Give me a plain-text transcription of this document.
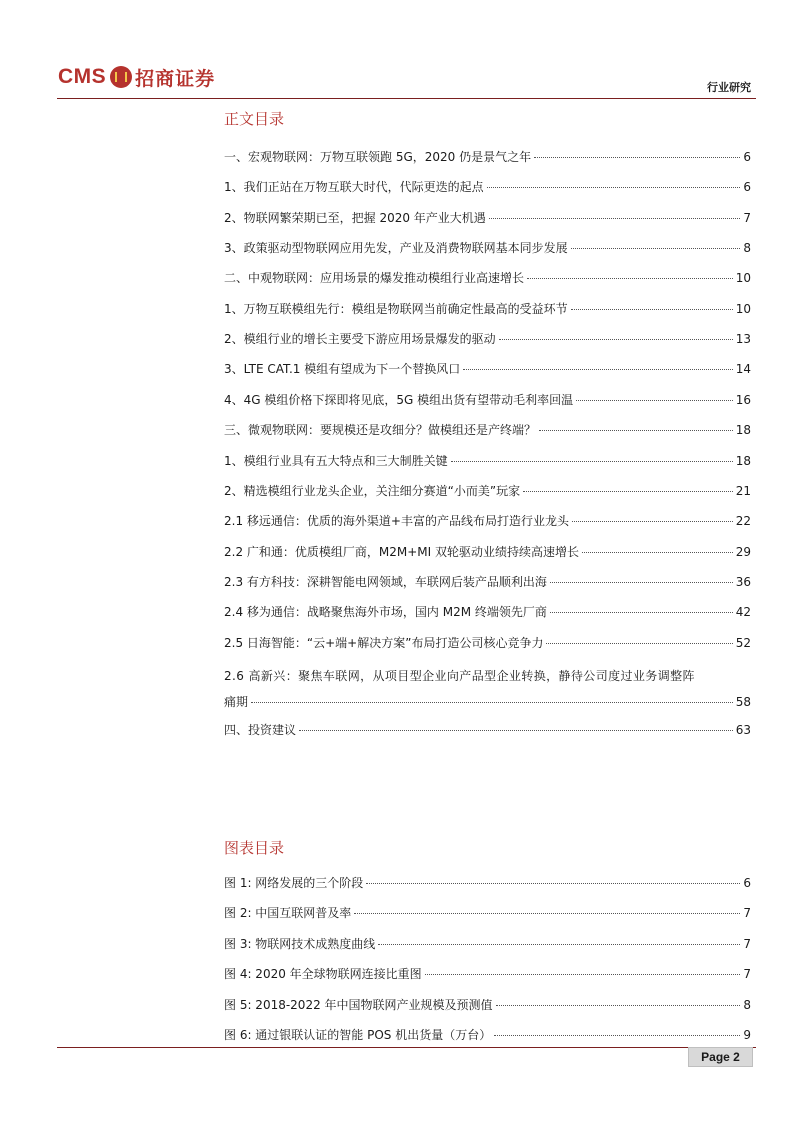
CMS 招商证券	行业研究
正文目录
一、宏观物联网：万物互联领跑 5G，2020 仍是景气之年	6
1、我们正站在万物互联大时代，代际更迭的起点	6
2、物联网繁荣期已至，把握 2020 年产业大机遇	7
3、政策驱动型物联网应用先发，产业及消费物联网基本同步发展	8
二、中观物联网：应用场景的爆发推动模组行业高速增长	10
1、万物互联模组先行：模组是物联网当前确定性最高的受益环节	10
2、模组行业的增长主要受下游应用场景爆发的驱动	13
3、LTE CAT.1 模组有望成为下一个替换风口	14
4、4G 模组价格下探即将见底，5G 模组出货有望带动毛利率回温	16
三、微观物联网：要规模还是攻细分？做模组还是产终端？	18
1、模组行业具有五大特点和三大制胜关键	18
2、精选模组行业龙头企业，关注细分赛道“小而美”玩家	21
2.1 移远通信：优质的海外渠道+丰富的产品线布局打造行业龙头	22
2.2 广和通：优质模组厂商，M2M+MI 双轮驱动业绩持续高速增长	29
2.3 有方科技：深耕智能电网领域，车联网后装产品顺利出海	36
2.4 移为通信：战略聚焦海外市场，国内 M2M 终端领先厂商	42
2.5 日海智能：“云+端+解决方案”布局打造公司核心竞争力	52
2.6 高新兴：聚焦车联网，从项目型企业向产品型企业转换，静待公司度过业务调整阵
痛期	58
四、投资建议	63
图表目录
图 1: 网络发展的三个阶段	6
图 2: 中国互联网普及率	7
图 3: 物联网技术成熟度曲线	7
图 4: 2020 年全球物联网连接比重图	7
图 5: 2018-2022 年中国物联网产业规模及预测值	8
图 6: 通过银联认证的智能 POS 机出货量（万台）	9
Page 2
